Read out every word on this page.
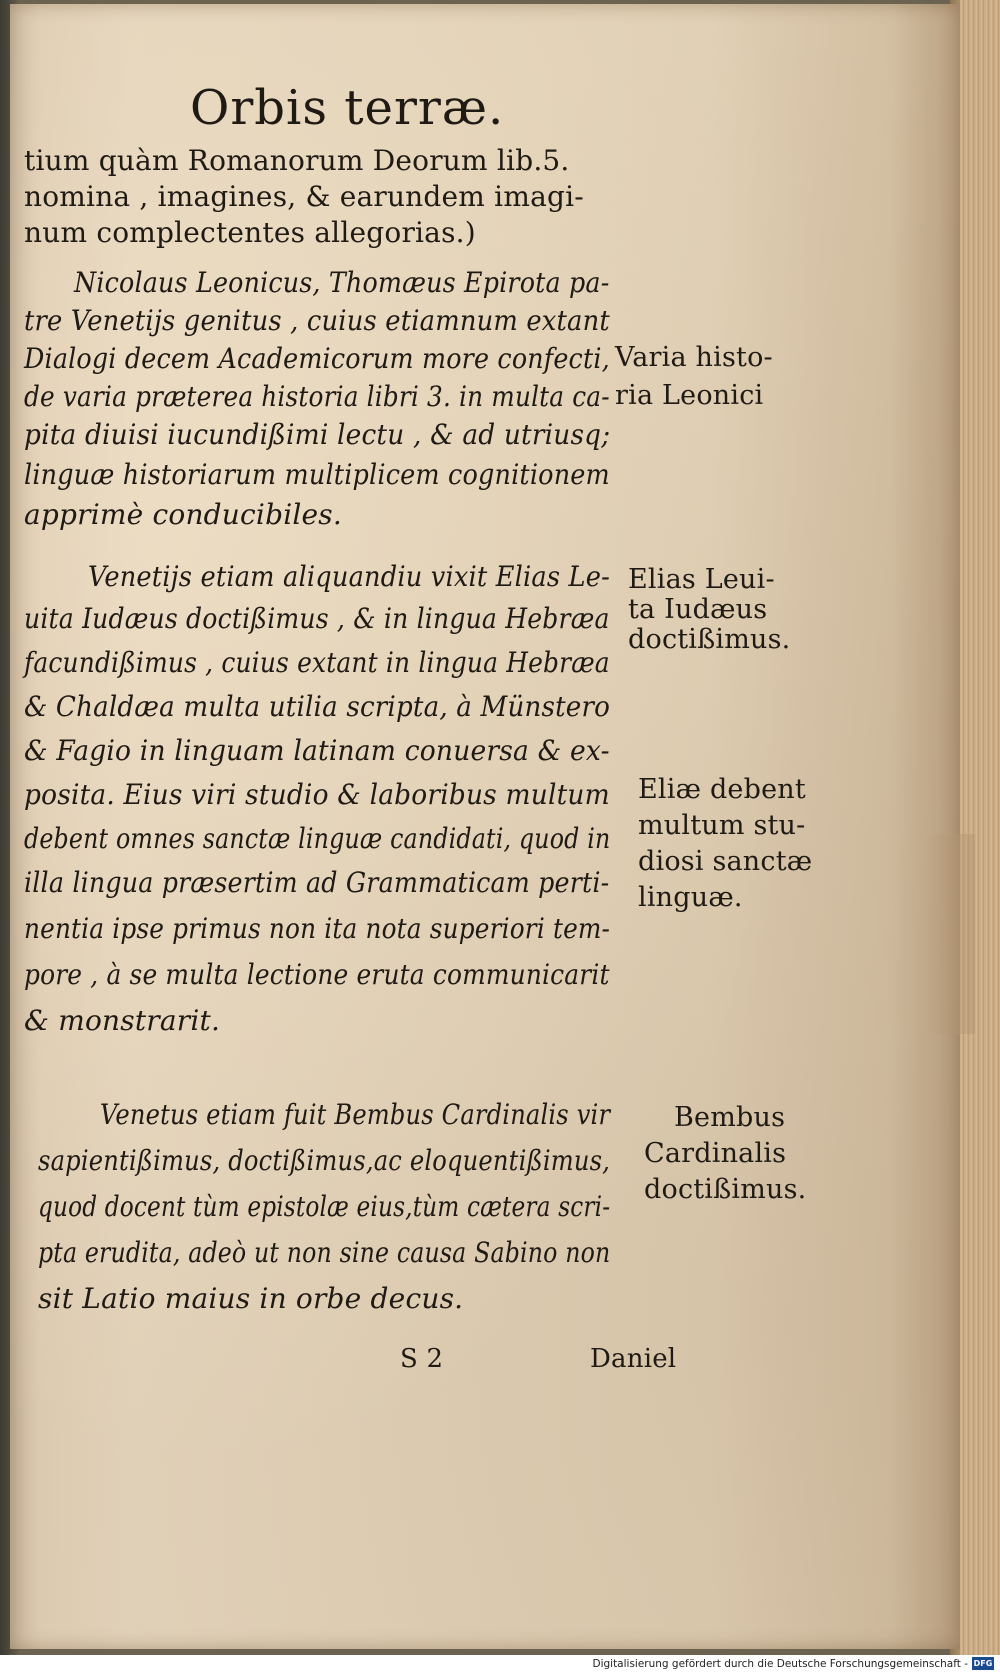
Orbis terræ.
tium quàm Romanorum Deorum lib.5.
nomina , imagines, & earundem imagi-
num complectentes allegorias.)
Nicolaus Leonicus, Thomæus Epirota pa-
tre Venetijs genitus , cuius etiamnum extant
Dialogi decem Academicorum more confecti,
de varia præterea historia libri 3. in multa ca-
pita diuisi iucundißimi lectu , & ad utriusq;
linguæ historiarum multiplicem cognitionem
apprimè conducibiles.
Varia histo-
ria Leonici
Venetijs etiam aliquandiu vixit Elias Le-
uita Iudæus doctißimus , & in lingua Hebræa
facundißimus , cuius extant in lingua Hebræa
& Chaldæa multa utilia scripta, à Münstero
& Fagio in linguam latinam conuersa & ex-
posita. Eius viri studio & laboribus multum
debent omnes sanctæ linguæ candidati, quod in
illa lingua præsertim ad Grammaticam perti-
nentia ipse primus non ita nota superiori tem-
pore , à se multa lectione eruta communicarit
& monstrarit.
Elias Leui-
ta Iudæus
doctißimus.
Eliæ debent
multum stu-
diosi sanctæ
linguæ.
Venetus etiam fuit Bembus Cardinalis vir
sapientißimus, doctißimus,ac eloquentißimus,
quod docent tùm epistolæ eius,tùm cætera scri-
pta erudita, adeò ut non sine causa Sabino non
sit Latio maius in orbe decus.
Bembus
Cardinalis
doctißimus.
S 2	Daniel
Digitalisierung gefördert durch die Deutsche Forschungsgemeinschaft - DFG
